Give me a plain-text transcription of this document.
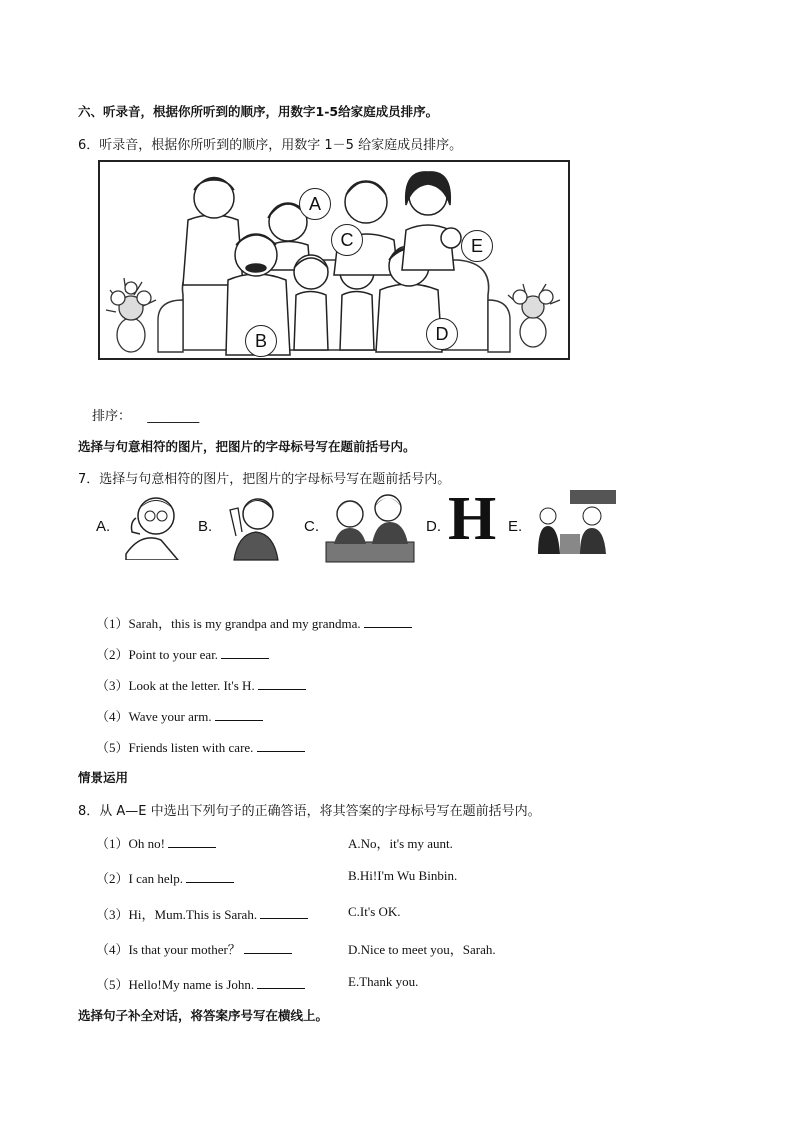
六、听录音，根据你所听到的顺序，用数字1-5给家庭成员排序。
6．听录音，根据你所听到的顺序，用数字 1－5 给家庭成员排序。
A
B
C
D
E
排序： ________
选择与句意相符的图片，把图片的字母标号写在题前括号内。
7．选择与句意相符的图片，把图片的字母标号写在题前括号内。
A.	B.	C.	D. H E.
（1）Sarah，this is my grandpa and my grandma.
（2）Point to your ear.
（3）Look at the letter. It's H.
（4）Wave your arm.
（5）Friends listen with care.
情景运用
8．从 A—E 中选出下列句子的正确答语，将其答案的字母标号写在题前括号内。
（1）Oh no!	A.No，it's my aunt.
（2）I can help.	B.Hi!I'm Wu Binbin.
（3）Hi，Mum.This is Sarah.	C.It's OK.
（4）Is that your mother？	D.Nice to meet you，Sarah.
（5）Hello!My name is John.	E.Thank you.
选择句子补全对话，将答案序号写在横线上。
